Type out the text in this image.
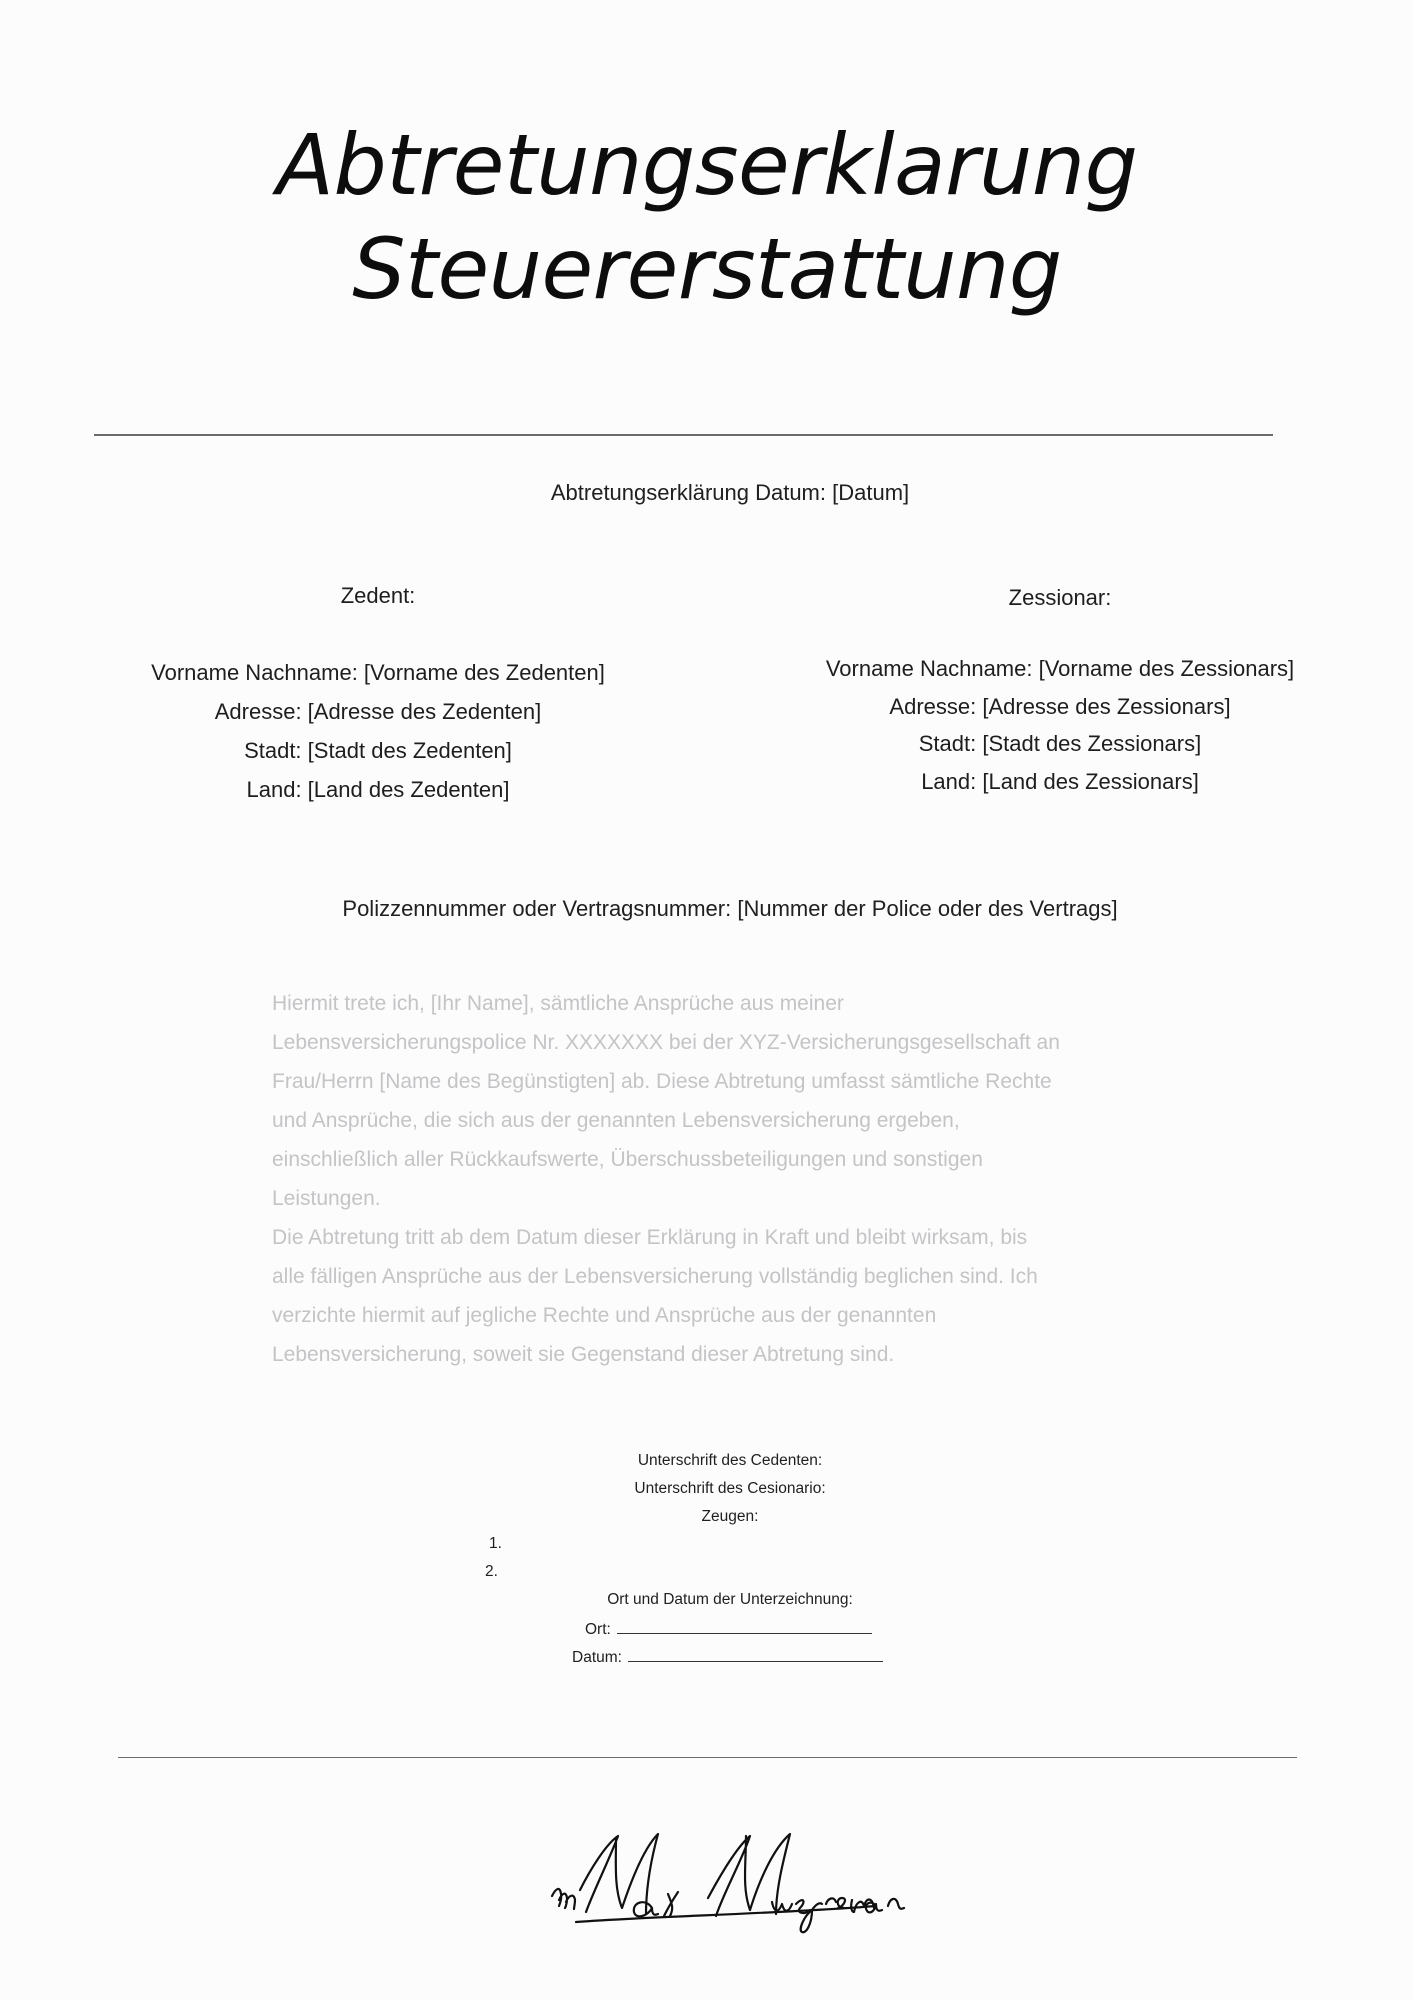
Abtretungserklarung
Steuererstattung
Abtretungserklärung Datum: [Datum]
Zedent:
Vorname Nachname: [Vorname des Zedenten]
Adresse: [Adresse des Zedenten]
Stadt: [Stadt des Zedenten]
Land: [Land des Zedenten]
Zessionar:
Vorname Nachname: [Vorname des Zessionars]
Adresse: [Adresse des Zessionars]
Stadt: [Stadt des Zessionars]
Land: [Land des Zessionars]
Polizzennummer oder Vertragsnummer: [Nummer der Police oder des Vertrags]

Hiermit trete ich, [Ihr Name], sämtliche Ansprüche aus meiner

Lebensversicherungspolice Nr. XXXXXXX bei der XYZ-Versicherungsgesellschaft an

Frau/Herrn [Name des Begünstigten] ab. Diese Abtretung umfasst sämtliche Rechte

und Ansprüche, die sich aus der genannten Lebensversicherung ergeben,

einschließlich aller Rückkaufswerte, Überschussbeteiligungen und sonstigen

Leistungen.

Die Abtretung tritt ab dem Datum dieser Erklärung in Kraft und bleibt wirksam, bis

alle fälligen Ansprüche aus der Lebensversicherung vollständig beglichen sind. Ich

verzichte hiermit auf jegliche Rechte und Ansprüche aus der genannten

Lebensversicherung, soweit sie Gegenstand dieser Abtretung sind.

Unterschrift des Cedenten:
Unterschrift des Cesionario:
Zeugen:
1.
2.
Ort und Datum der Unterzeichnung:
Ort:
Datum:
